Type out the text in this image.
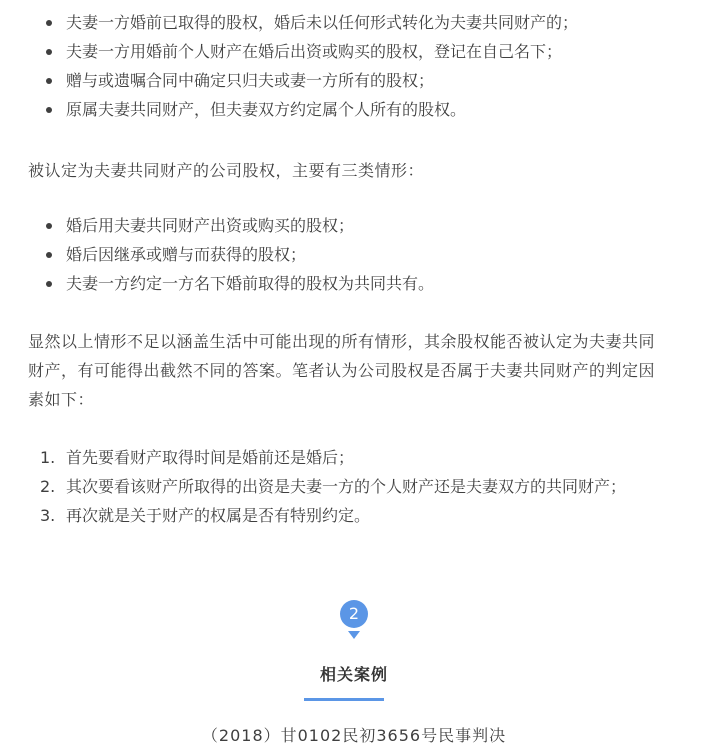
夫妻一方婚前已取得的股权，婚后未以任何形式转化为夫妻共同财产的；
夫妻一方用婚前个人财产在婚后出资或购买的股权，登记在自己名下；
赠与或遗嘱合同中确定只归夫或妻一方所有的股权；
原属夫妻共同财产，但夫妻双方约定属个人所有的股权。

被认定为夫妻共同财产的公司股权，主要有三类情形：

婚后用夫妻共同财产出资或购买的股权；
婚后因继承或赠与而获得的股权；
夫妻一方约定一方名下婚前取得的股权为共同共有。

显然以上情形不足以涵盖生活中可能出现的所有情形，其余股权能否被认定为夫妻共同财产，有可能得出截然不同的答案。笔者认为公司股权是否属于夫妻共同财产的判定因素如下：

1. 首先要看财产取得时间是婚前还是婚后；
2. 其次要看该财产所取得的出资是夫妻一方的个人财产还是夫妻双方的共同财产；
3. 再次就是关于财产的权属是否有特别约定。
2
相关案例
（2018）甘0102民初3656号民事判决
